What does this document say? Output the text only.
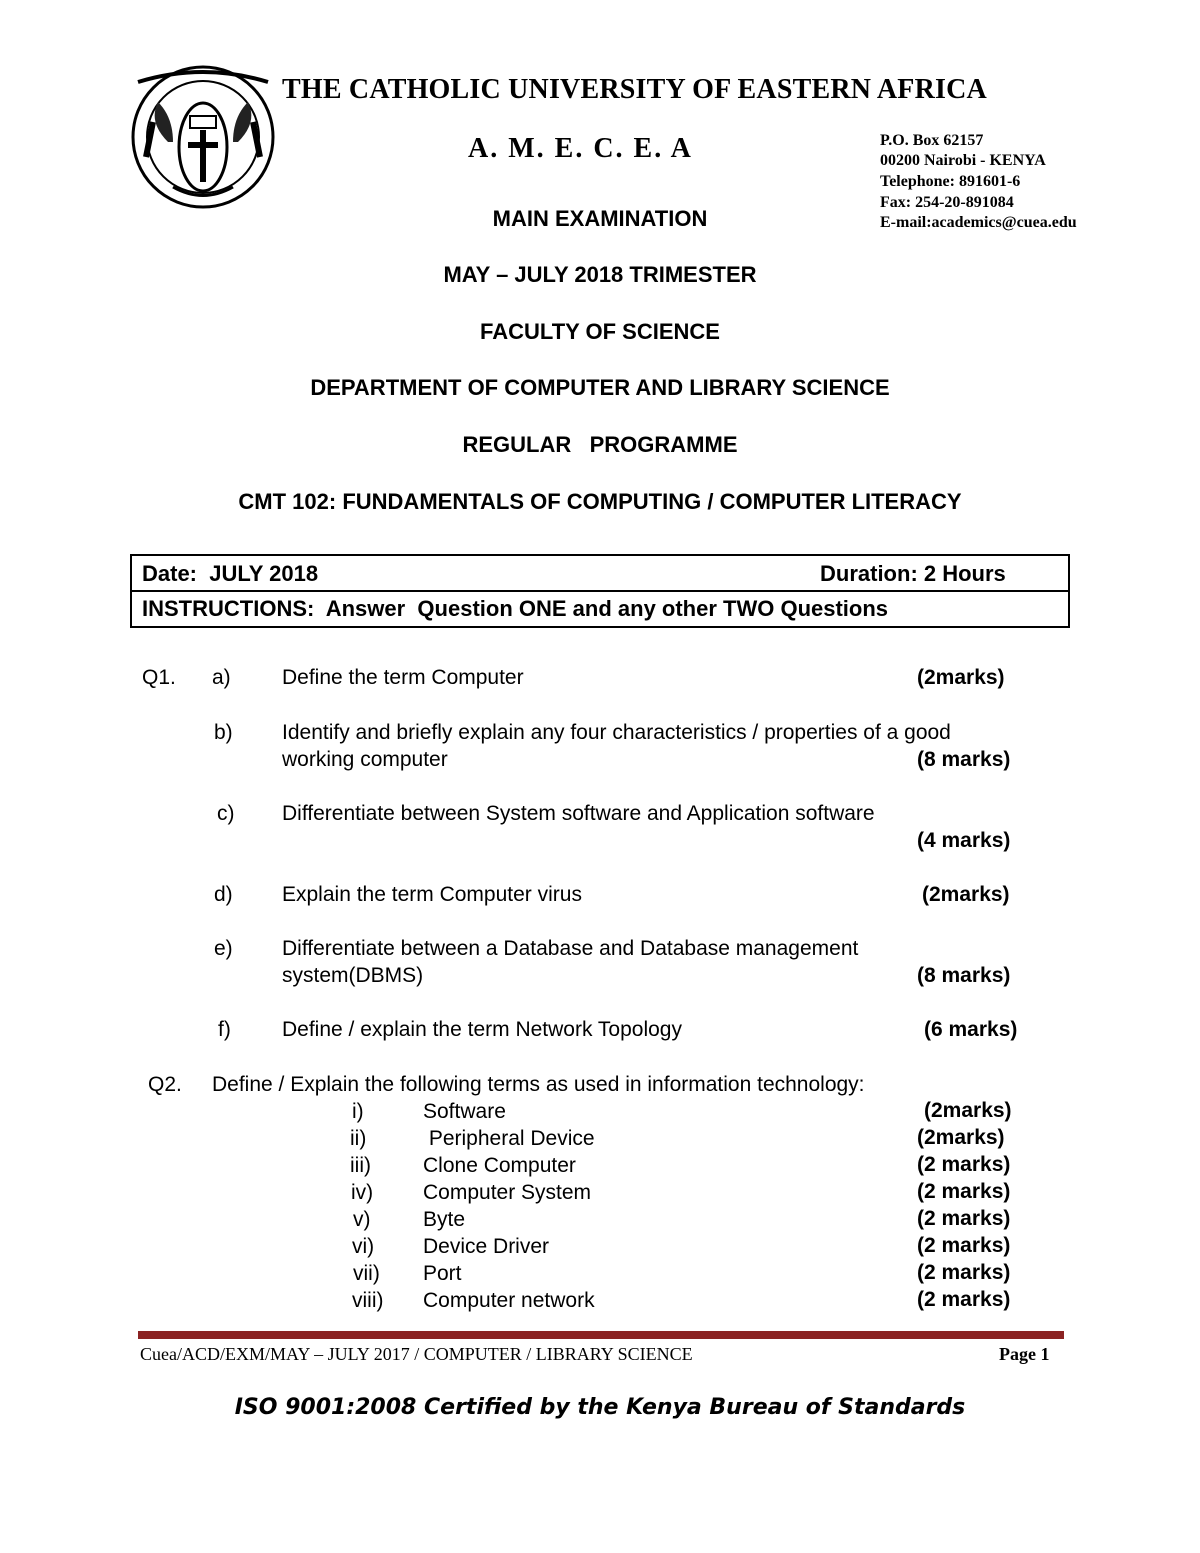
THE CATHOLIC UNIVERSITY OF EASTERN AFRICA
A. M. E. C. E. A	P.O. Box 62157
00200 Nairobi - KENYA
Telephone: 891601-6
Fax: 254-20-891084
E-mail:academics@cuea.edu
MAIN EXAMINATION
MAY – JULY 2018 TRIMESTER
FACULTY OF SCIENCE
DEPARTMENT OF COMPUTER AND LIBRARY SCIENCE
REGULAR   PROGRAMME
CMT 102: FUNDAMENTALS OF COMPUTING / COMPUTER LITERACY
Date:  JULY 2018	Duration: 2 Hours
INSTRUCTIONS:  Answer  Question ONE and any other TWO Questions
Q1. a) Define the term Computer	(2marks)
b) Identify and briefly explain any four characteristics / properties of a good
working computer	(8 marks)
c) Differentiate between System software and Application software
(4 marks)
d) Explain the term Computer virus	(2marks)
e) Differentiate between a Database and Database management
system(DBMS)	(8 marks)
f) Define / explain the term Network Topology	(6 marks)
Q2. Define / Explain the following terms as used in information technology:
i)	Software	(2marks)
ii)	Peripheral Device	(2marks)
iii) Clone Computer	(2 marks)
iv) Computer System	(2 marks)
v)	Byte	(2 marks)
vi) Device Driver	(2 marks)
vii) Port	(2 marks)
viii) Computer network	(2 marks)
Cuea/ACD/EXM/MAY – JULY 2017 / COMPUTER / LIBRARY SCIENCE	Page 1
ISO 9001:2008 Certified by the Kenya Bureau of Standards
